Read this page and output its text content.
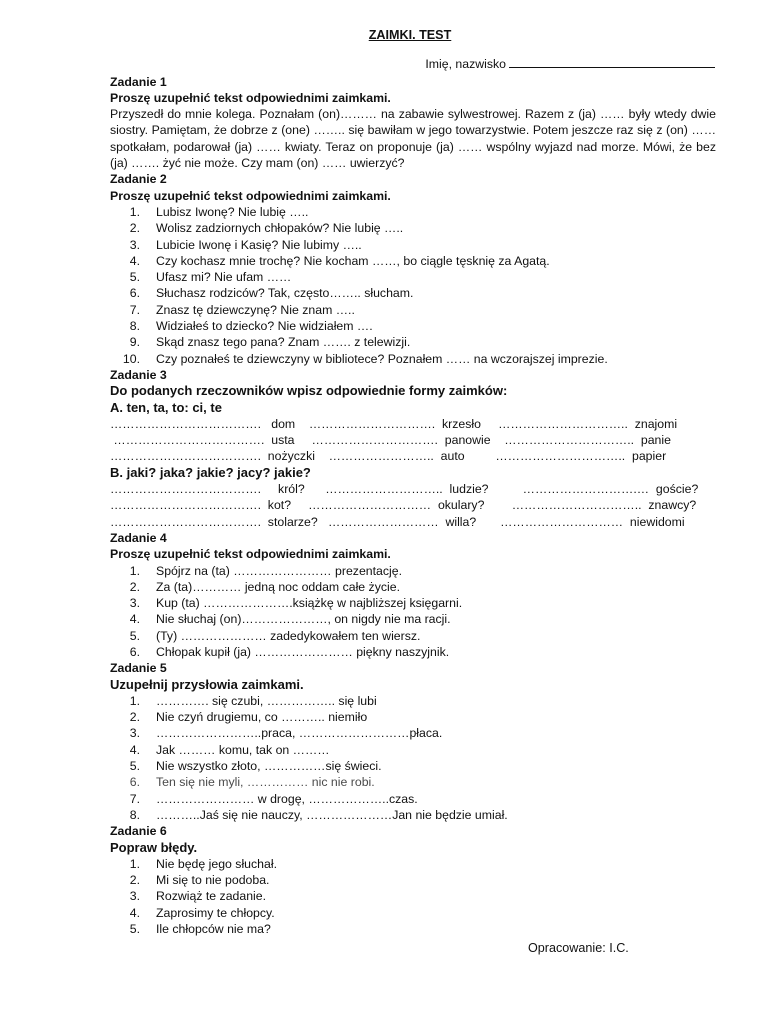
ZAIMKI. TEST

Imię, nazwisko

Zadanie 1

Proszę uzupełnić tekst odpowiednimi zaimkami.

Przyszedł do mnie kolega. Poznałam (on)……… na zabawie sylwestrowej. Razem z (ja) …… były wtedy dwie siostry. Pamiętam, że dobrze z (one) …….. się bawiłam w jego towarzystwie. Potem jeszcze raz się z (on) …… spotkałam, podarował (ja) …… kwiaty. Teraz on proponuje (ja) …… wspólny wyjazd nad morze. Mówi, że bez (ja) ……. żyć nie może. Czy mam (on) …… uwierzyć?

Zadanie 2

Proszę uzupełnić tekst odpowiednimi zaimkami.

1. Lubisz Iwonę? Nie lubię …..
2. Wolisz zadziornych chłopaków? Nie lubię …..
3. Lubicie Iwonę i Kasię? Nie lubimy …..
4. Czy kochasz mnie trochę? Nie kocham ……, bo ciągle tęsknię za Agatą.
5. Ufasz mi? Nie ufam ……
6. Słuchasz rodziców? Tak, często…….. słucham.
7. Znasz tę dziewczynę? Nie znam …..
8. Widziałeś to dziecko? Nie widziałem ….
9. Skąd znasz tego pana? Znam ……. z telewizji.
10. Czy poznałeś te dziewczyny w bibliotece? Poznałem …… na wczorajszej imprezie.

Zadanie 3

Do podanych rzeczowników wpisz odpowiednie formy zaimków:

A. ten, ta, to: ci, te

……………………………….   dom    ………………………….  krzesło     …………………………..  znajomi

……………………………….  usta     ………………………….  panowie    …………………………..  panie

……………………………….  nożyczki    ……………………..  auto         …………………………..  papier

B. jaki? jaka? jakie? jacy? jakie?

……………………………….     król?      ………………………..  ludzie?          ……………………….…  goście?

……………………………….  kot?     …………………………  okulary?        …………………………..  znawcy?

……………………………….  stolarze?   ………………………  willa?       …………………………  niewidomi

Zadanie 4

Proszę uzupełnić tekst odpowiednimi zaimkami.

1. Spójrz na (ta) …………………… prezentację.
2. Za (ta)………… jedną noc oddam całe życie.
3. Kup (ta) ………………….książkę w najbliższej księgarni.
4. Nie słuchaj (on)…………………, on nigdy nie ma racji.
5. (Ty) ………………… zadedykowałem ten wiersz.
6. Chłopak kupił (ja) …………………… piękny naszyjnik.

Zadanie 5

Uzupełnij przysłowia zaimkami.

1. …………. się czubi, …………….. się lubi
2. Nie czyń drugiemu, co ……….. niemiło
3. ……………………..praca, ………………………płaca.
4. Jak ……… komu, tak on ………
5. Nie wszystko złoto, ……………się świeci.
6. Ten się nie myli, …………… nic nie robi.
7. …………………… w drogę, ………………..czas.
8. ………..Jaś się nie nauczy, …………………Jan nie będzie umiał.

Zadanie 6

Popraw błędy.

1. Nie będę jego słuchał.
2. Mi się to nie podoba.
3. Rozwiąż te zadanie.
4. Zaprosimy te chłopcy.
5. Ile chłopców nie ma?

Opracowanie: I.C.
